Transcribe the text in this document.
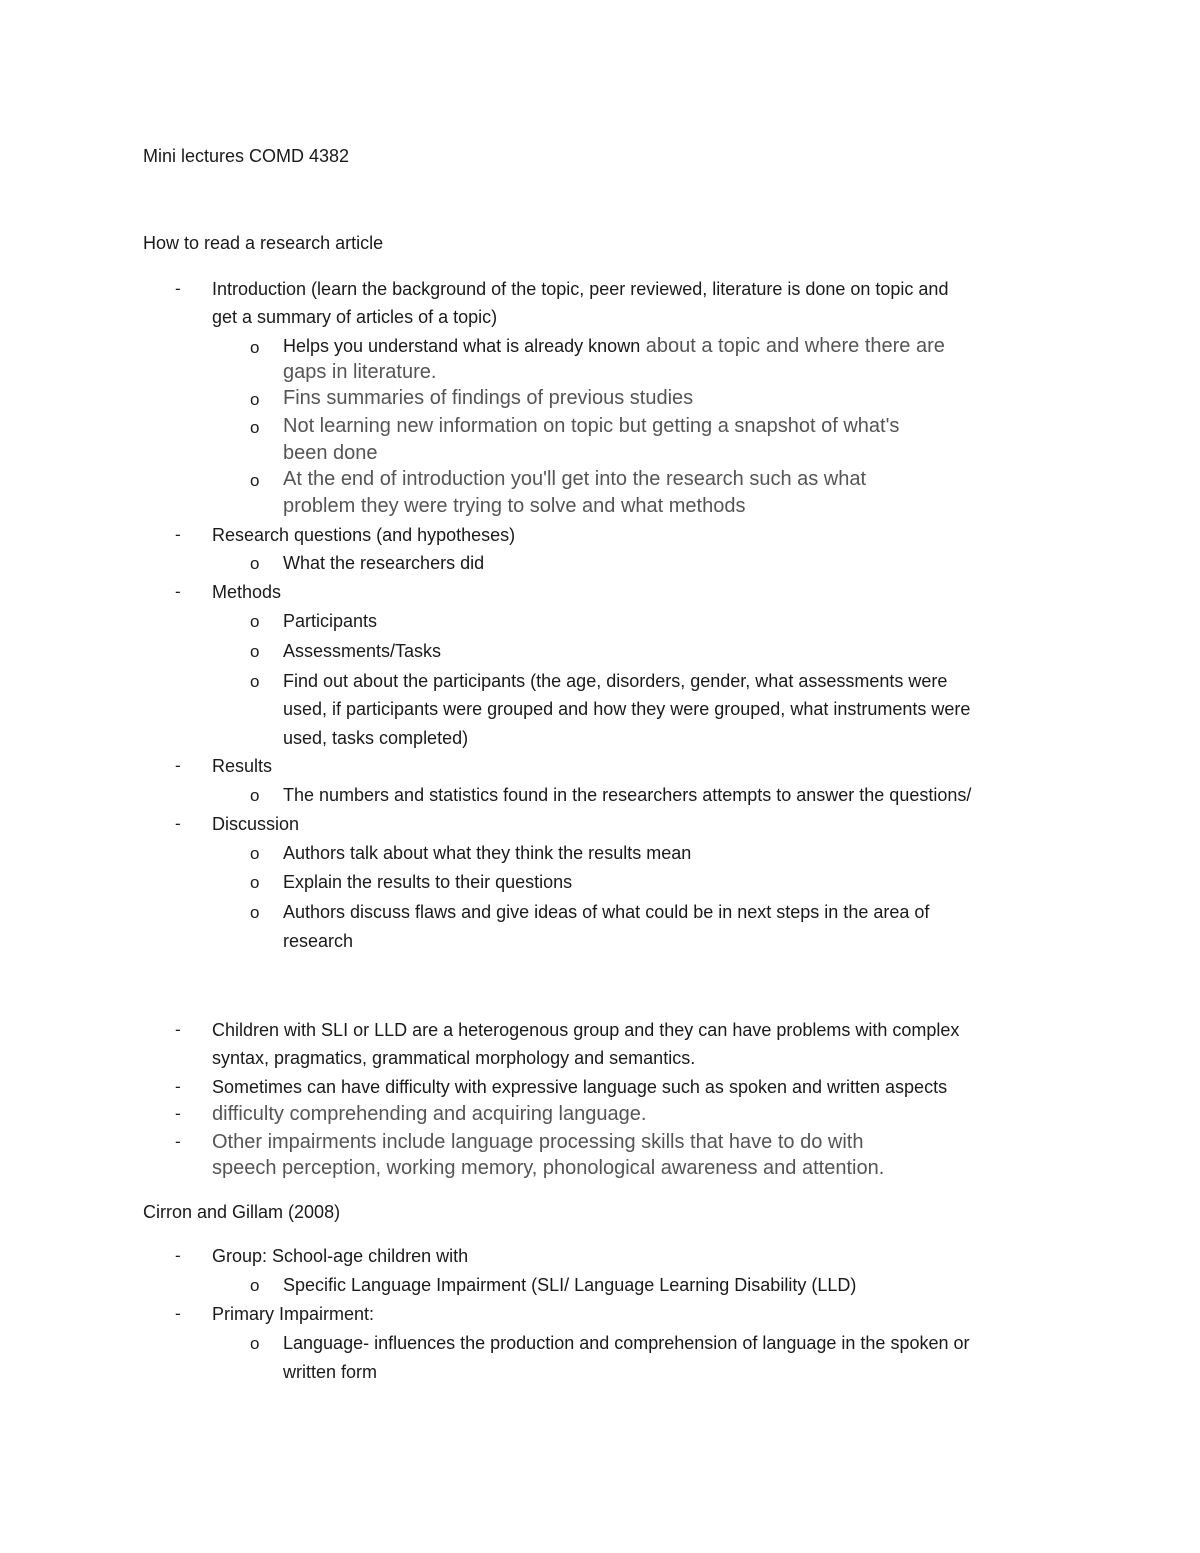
Mini lectures COMD 4382
How to read a research article
- Introduction (learn the background of the topic, peer reviewed, literature is done on topic and
get a summary of articles of a topic)
o Helps you understand what is already known about a topic and where there are
gaps in literature.
o Fins summaries of findings of previous studies
o Not learning new information on topic but getting a snapshot of what's
been done
o At the end of introduction you'll get into the research such as what
problem they were trying to solve and what methods
- Research questions (and hypotheses)
o What the researchers did
- Methods
o Participants
o Assessments/Tasks
o Find out about the participants (the age, disorders, gender, what assessments were
used, if participants were grouped and how they were grouped, what instruments were
used, tasks completed)
- Results
o The numbers and statistics found in the researchers attempts to answer the questions/
- Discussion
o Authors talk about what they think the results mean
o Explain the results to their questions
o Authors discuss flaws and give ideas of what could be in next steps in the area of
research
- Children with SLI or LLD are a heterogenous group and they can have problems with complex
syntax, pragmatics, grammatical morphology and semantics.
- Sometimes can have difficulty with expressive language such as spoken and written aspects
- difficulty comprehending and acquiring language.
- Other impairments include language processing skills that have to do with
speech perception, working memory, phonological awareness and attention.
Cirron and Gillam (2008)
- Group: School-age children with
o Specific Language Impairment (SLI/ Language Learning Disability (LLD)
- Primary Impairment:
o Language- influences the production and comprehension of language in the spoken or
written form
